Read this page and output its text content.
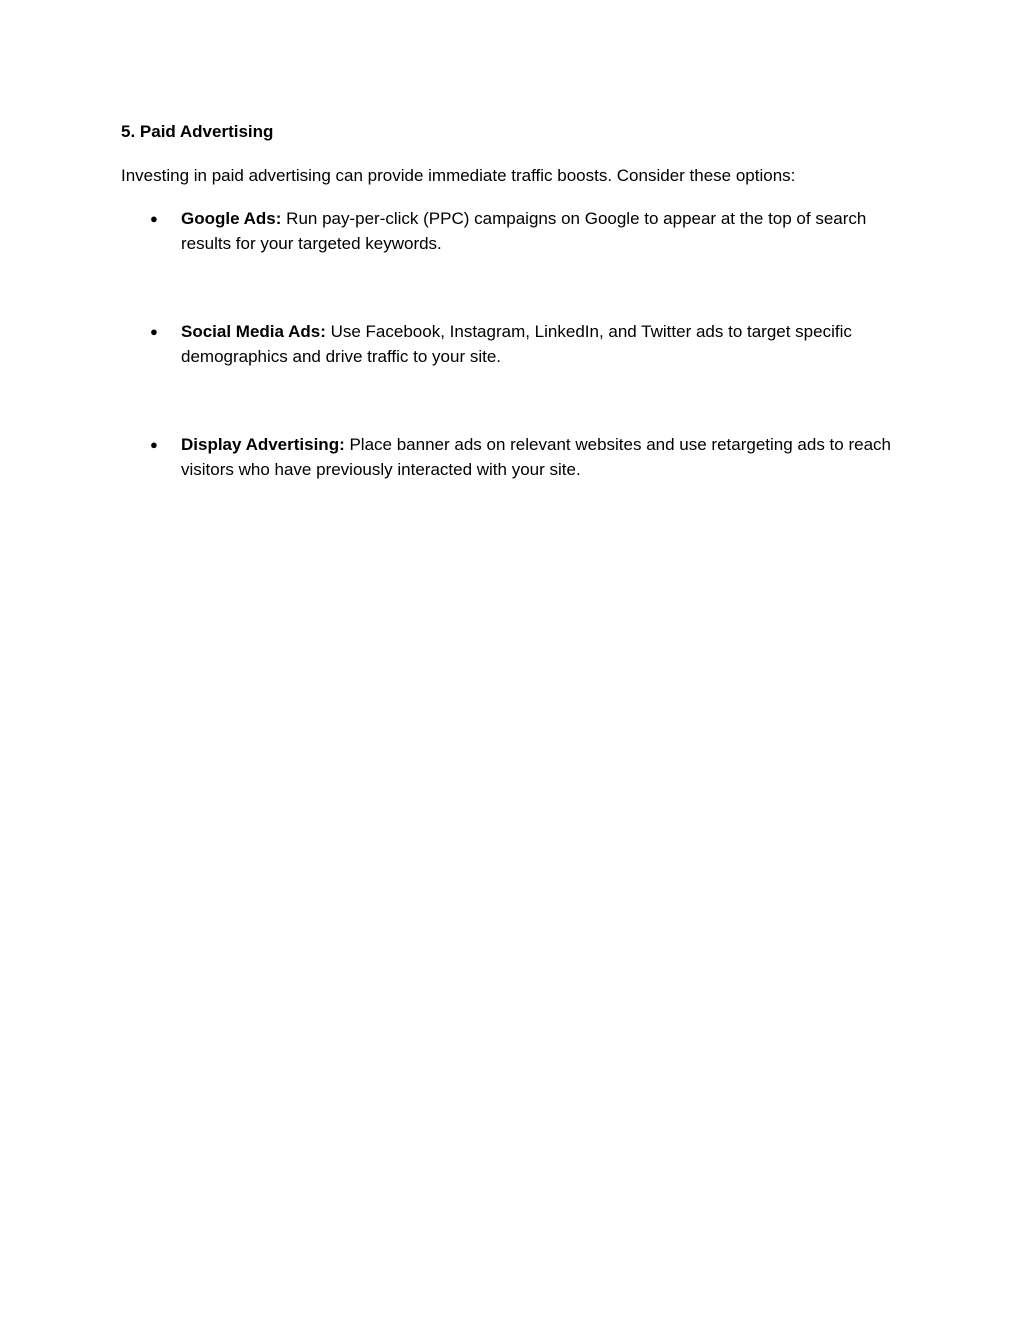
5. Paid Advertising

Investing in paid advertising can provide immediate traffic boosts. Consider these options:

●	Google Ads: Run pay-per-click (PPC) campaigns on Google to appear at the top of search results for your targeted keywords.
●	Social Media Ads: Use Facebook, Instagram, LinkedIn, and Twitter ads to target specific demographics and drive traffic to your site.
●	Display Advertising: Place banner ads on relevant websites and use retargeting ads to reach visitors who have previously interacted with your site.
